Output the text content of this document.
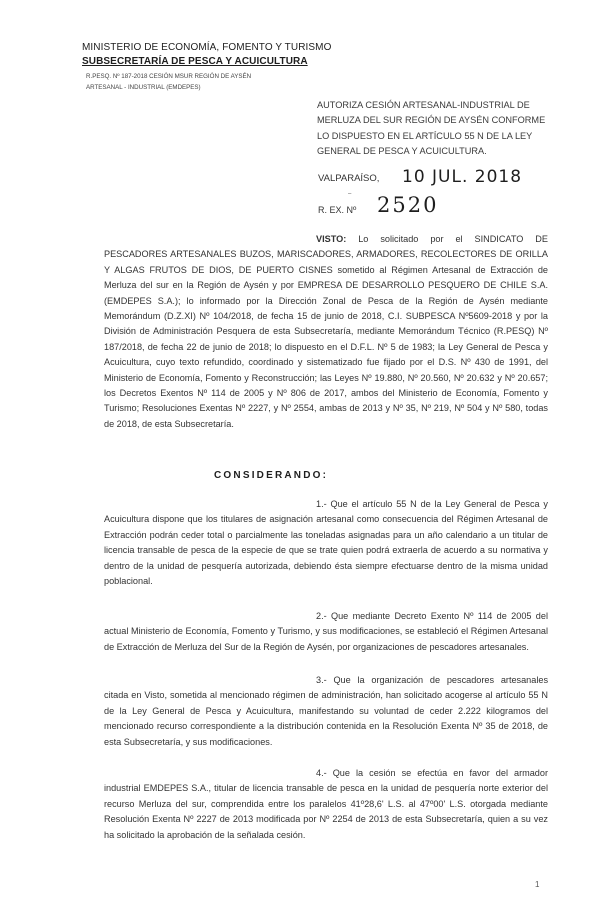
MINISTERIO DE ECONOMÍA, FOMENTO Y TURISMO
SUBSECRETARÍA DE PESCA Y ACUICULTURA
R.PESQ. Nº 187-2018 CESIÓN MSUR REGIÓN DE AYSÉN
ARTESANAL - INDUSTRIAL (EMDEPES)
AUTORIZA CESIÓN ARTESANAL-INDUSTRIAL DE MERLUZA DEL SUR REGIÓN DE AYSÉN CONFORME LO DISPUESTO EN EL ARTÍCULO 55 N DE LA LEY GENERAL DE PESCA Y ACUICULTURA.
VALPARAÍSO, 10 JUL. 2018
–
R. EX. Nº 2520
VISTO: Lo solicitado por el SINDICATO DE PESCADORES ARTESANALES BUZOS, MARISCADORES, ARMADORES, RECOLECTORES DE ORILLA Y ALGAS FRUTOS DE DIOS, DE PUERTO CISNES sometido al Régimen Artesanal de Extracción de Merluza del sur en la Región de Aysén y por EMPRESA DE DESARROLLO PESQUERO DE CHILE S.A. (EMDEPES S.A.); lo informado por la Dirección Zonal de Pesca de la Región de Aysén mediante Memorándum (D.Z.XI) Nº 104/2018, de fecha 15 de junio de 2018, C.I. SUBPESCA Nº5609-2018 y por la División de Administración Pesquera de esta Subsecretaría, mediante Memorándum Técnico (R.PESQ) Nº 187/2018, de fecha 22 de junio de 2018; lo dispuesto en el D.F.L. Nº 5 de 1983; la Ley General de Pesca y Acuicultura, cuyo texto refundido, coordinado y sistematizado fue fijado por el D.S. Nº 430 de 1991, del Ministerio de Economía, Fomento y Reconstrucción; las Leyes Nº 19.880, Nº 20.560, Nº 20.632 y Nº 20.657; los Decretos Exentos Nº 114 de 2005 y Nº 806 de 2017, ambos del Ministerio de Economía, Fomento y Turismo; Resoluciones Exentas Nº 2227, y Nº 2554, ambas de 2013 y Nº 35, Nº 219, Nº 504 y Nº 580, todas de 2018, de esta Subsecretaría.
CONSIDERANDO:
1.- Que el artículo 55 N de la Ley General de Pesca y Acuicultura dispone que los titulares de asignación artesanal como consecuencia del Régimen Artesanal de Extracción podrán ceder total o parcialmente las toneladas asignadas para un año calendario a un titular de licencia transable de pesca de la especie de que se trate quien podrá extraerla de acuerdo a su normativa y dentro de la unidad de pesquería autorizada, debiendo ésta siempre efectuarse dentro de la misma unidad poblacional.
2.- Que mediante Decreto Exento Nº 114 de 2005 del actual Ministerio de Economía, Fomento y Turismo, y sus modificaciones, se estableció el Régimen Artesanal de Extracción de Merluza del Sur de la Región de Aysén, por organizaciones de pescadores artesanales.
3.- Que la organización de pescadores artesanales citada en Visto, sometida al mencionado régimen de administración, han solicitado acogerse al artículo 55 N de la Ley General de Pesca y Acuicultura, manifestando su voluntad de ceder 2.222 kilogramos del mencionado recurso correspondiente a la distribución contenida en la Resolución Exenta Nº 35 de 2018, de esta Subsecretaría, y sus modificaciones.
4.- Que la cesión se efectúa en favor del armador industrial EMDEPES S.A., titular de licencia transable de pesca en la unidad de pesquería norte exterior del recurso Merluza del sur, comprendida entre los paralelos 41º28,6' L.S. al 47º00' L.S. otorgada mediante Resolución Exenta Nº 2227 de 2013 modificada por Nº 2254 de 2013 de esta Subsecretaría, quien a su vez ha solicitado la aprobación de la señalada cesión.
1
